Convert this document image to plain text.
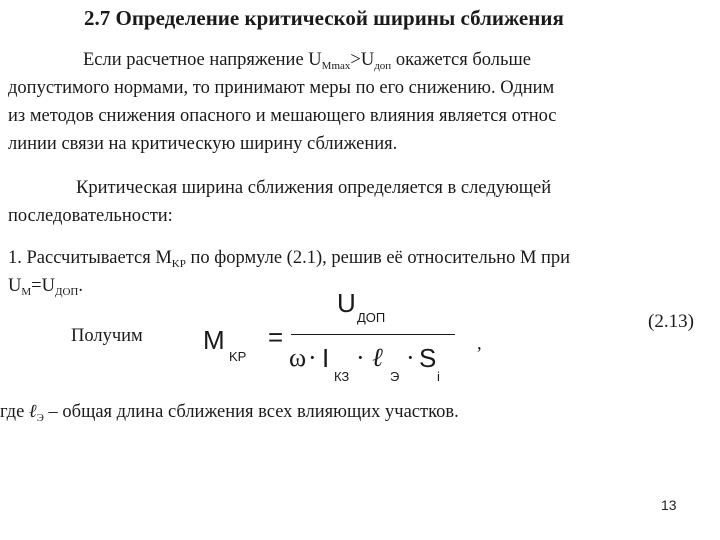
2.7 Определение критической ширины сближения
Если расчетное напряжение $U_{Mmax}>U_{доп}$ окажется больше
допустимого нормами, то принимают меры по его снижению. Одним
из методов снижения опасного и мешающего влияния является относ
линии связи на критическую ширину сближения.
Критическая ширина сближения определяется в следующей
последовательности:
1. Рассчитывается $M_{KP}$ по формуле (2.1), решив её относительно M при
$U_M=U_{ДОП}$.
Получим M
KP
=
U ДОП
ω · I
КЗ
· ℓ
Э
· S
i
,
(2.13)
где ℓ$_Э$ – общая длина сближения всех влияющих участков.
13
